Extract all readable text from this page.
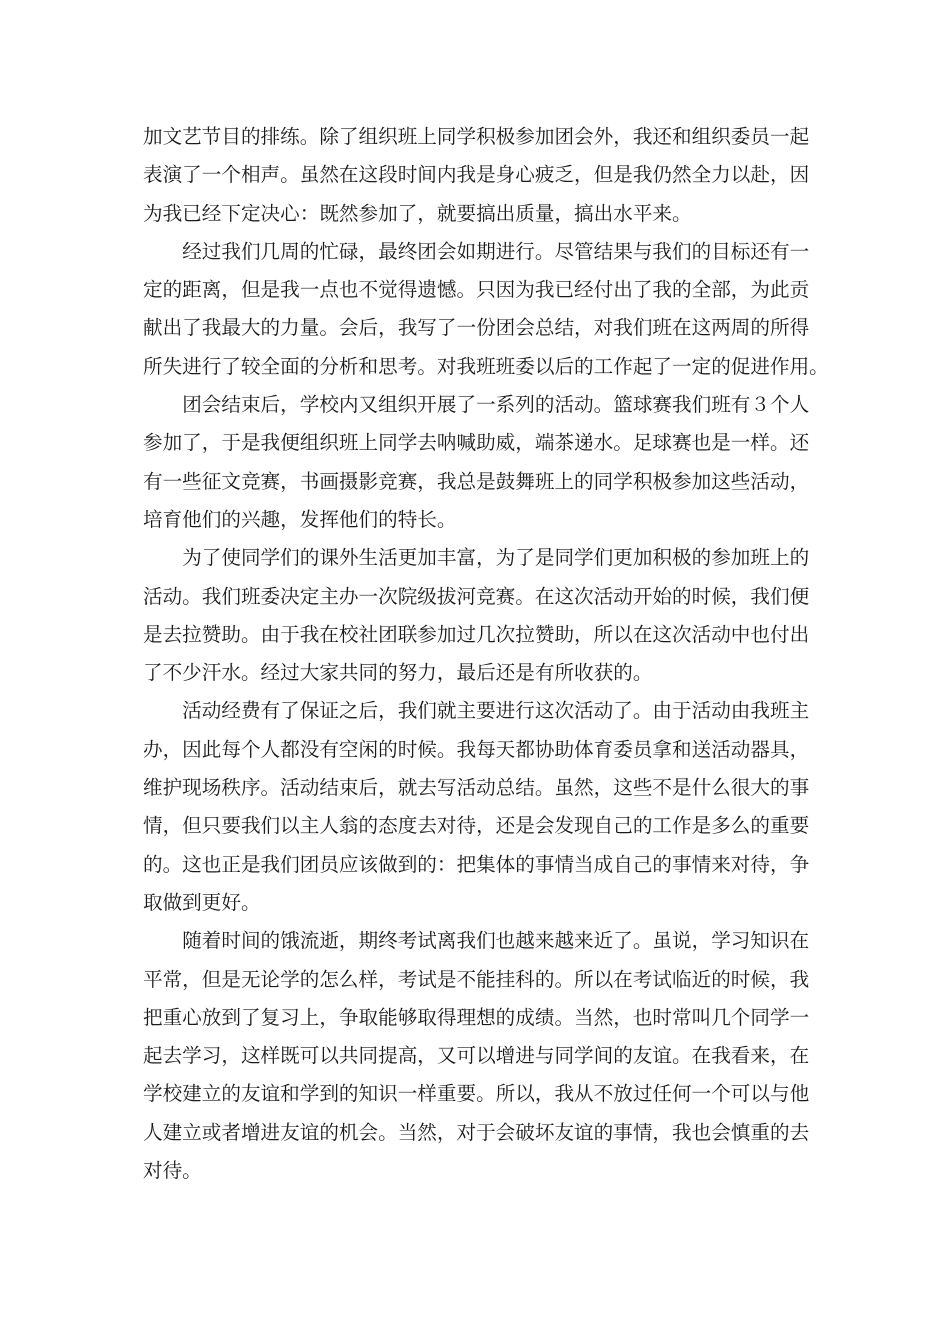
加文艺节目的排练。除了组织班上同学积极参加团会外，我还和组织委员一起
表演了一个相声。虽然在这段时间内我是身心疲乏，但是我仍然全力以赴，因
为我已经下定决心：既然参加了，就要搞出质量，搞出水平来。
经过我们几周的忙碌，最终团会如期进行。尽管结果与我们的目标还有一
定的距离，但是我一点也不觉得遗憾。只因为我已经付出了我的全部，为此贡
献出了我最大的力量。会后，我写了一份团会总结，对我们班在这两周的所得
所失进行了较全面的分析和思考。对我班班委以后的工作起了一定的促进作用。
团会结束后，学校内又组织开展了一系列的活动。篮球赛我们班有３个人
参加了，于是我便组织班上同学去呐喊助威，端茶递水。足球赛也是一样。还
有一些征文竞赛，书画摄影竞赛，我总是鼓舞班上的同学积极参加这些活动，
培育他们的兴趣，发挥他们的特长。
为了使同学们的课外生活更加丰富，为了是同学们更加积极的参加班上的
活动。我们班委决定主办一次院级拔河竞赛。在这次活动开始的时候，我们便
是去拉赞助。由于我在校社团联参加过几次拉赞助，所以在这次活动中也付出
了不少汗水。经过大家共同的努力，最后还是有所收获的。
活动经费有了保证之后，我们就主要进行这次活动了。由于活动由我班主
办，因此每个人都没有空闲的时候。我每天都协助体育委员拿和送活动器具，
维护现场秩序。活动结束后，就去写活动总结。虽然，这些不是什么很大的事
情，但只要我们以主人翁的态度去对待，还是会发现自己的工作是多么的重要
的。这也正是我们团员应该做到的：把集体的事情当成自己的事情来对待，争
取做到更好。
随着时间的饿流逝，期终考试离我们也越来越来近了。虽说，学习知识在
平常，但是无论学的怎么样，考试是不能挂科的。所以在考试临近的时候，我
把重心放到了复习上，争取能够取得理想的成绩。当然，也时常叫几个同学一
起去学习，这样既可以共同提高，又可以增进与同学间的友谊。在我看来，在
学校建立的友谊和学到的知识一样重要。所以，我从不放过任何一个可以与他
人建立或者增进友谊的机会。当然，对于会破坏友谊的事情，我也会慎重的去
对待。
